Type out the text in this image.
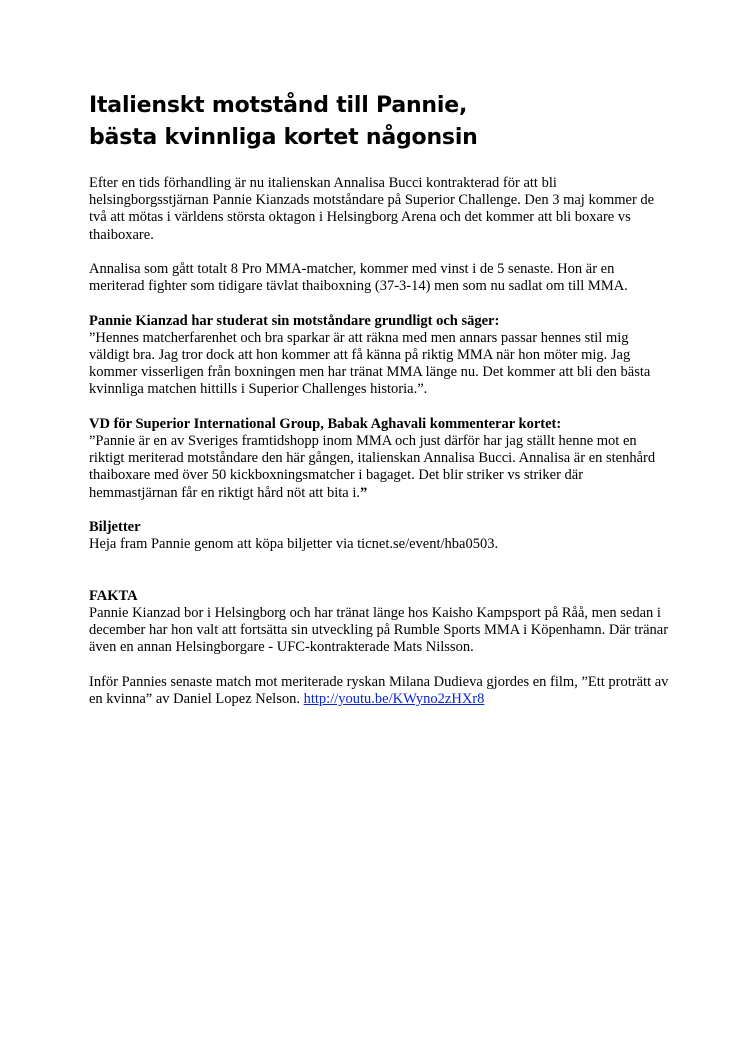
Italienskt motstånd till Pannie,
bästa kvinnliga kortet någonsin

Efter en tids förhandling är nu italienskan Annalisa Bucci kontrakterad för att bli helsingborgsstjärnan Pannie Kianzads motståndare på Superior Challenge. Den 3 maj kommer de två att mötas i världens största oktagon i Helsingborg Arena och det kommer att bli boxare vs thaiboxare.

Annalisa som gått totalt 8 Pro MMA-matcher, kommer med vinst i de 5 senaste. Hon är en meriterad fighter som tidigare tävlat thaiboxning (37-3-14) men som nu sadlat om till MMA.

Pannie Kianzad har studerat sin motståndare grundligt och säger:
”Hennes matcherfarenhet och bra sparkar är att räkna med men annars passar hennes stil mig väldigt bra. Jag tror dock att hon kommer att få känna på riktig MMA när hon möter mig. Jag kommer visserligen från boxningen men har tränat MMA länge nu. Det kommer att bli den bästa kvinnliga matchen hittills i Superior Challenges historia.”.

VD för Superior International Group, Babak Aghavali kommenterar kortet:
”Pannie är en av Sveriges framtidshopp inom MMA och just därför har jag ställt henne mot en riktigt meriterad motståndare den här gången, italienskan Annalisa Bucci. Annalisa är en stenhård thaiboxare med över 50 kickboxningsmatcher i bagaget. Det blir striker vs striker där hemmastjärnan får en riktigt hård nöt att bita i.”

Biljetter
Heja fram Pannie genom att köpa biljetter via ticnet.se/event/hba0503.

FAKTA
Pannie Kianzad bor i Helsingborg och har tränat länge hos Kaisho Kampsport på Råå, men sedan i december har hon valt att fortsätta sin utveckling på Rumble Sports MMA i Köpenhamn. Där tränar även en annan Helsingborgare - UFC-kontrakterade Mats Nilsson.

Inför Pannies senaste match mot meriterade ryskan Milana Dudieva gjordes en film, ”Ett proträtt av en kvinna” av Daniel Lopez Nelson. http://youtu.be/KWyno2zHXr8
